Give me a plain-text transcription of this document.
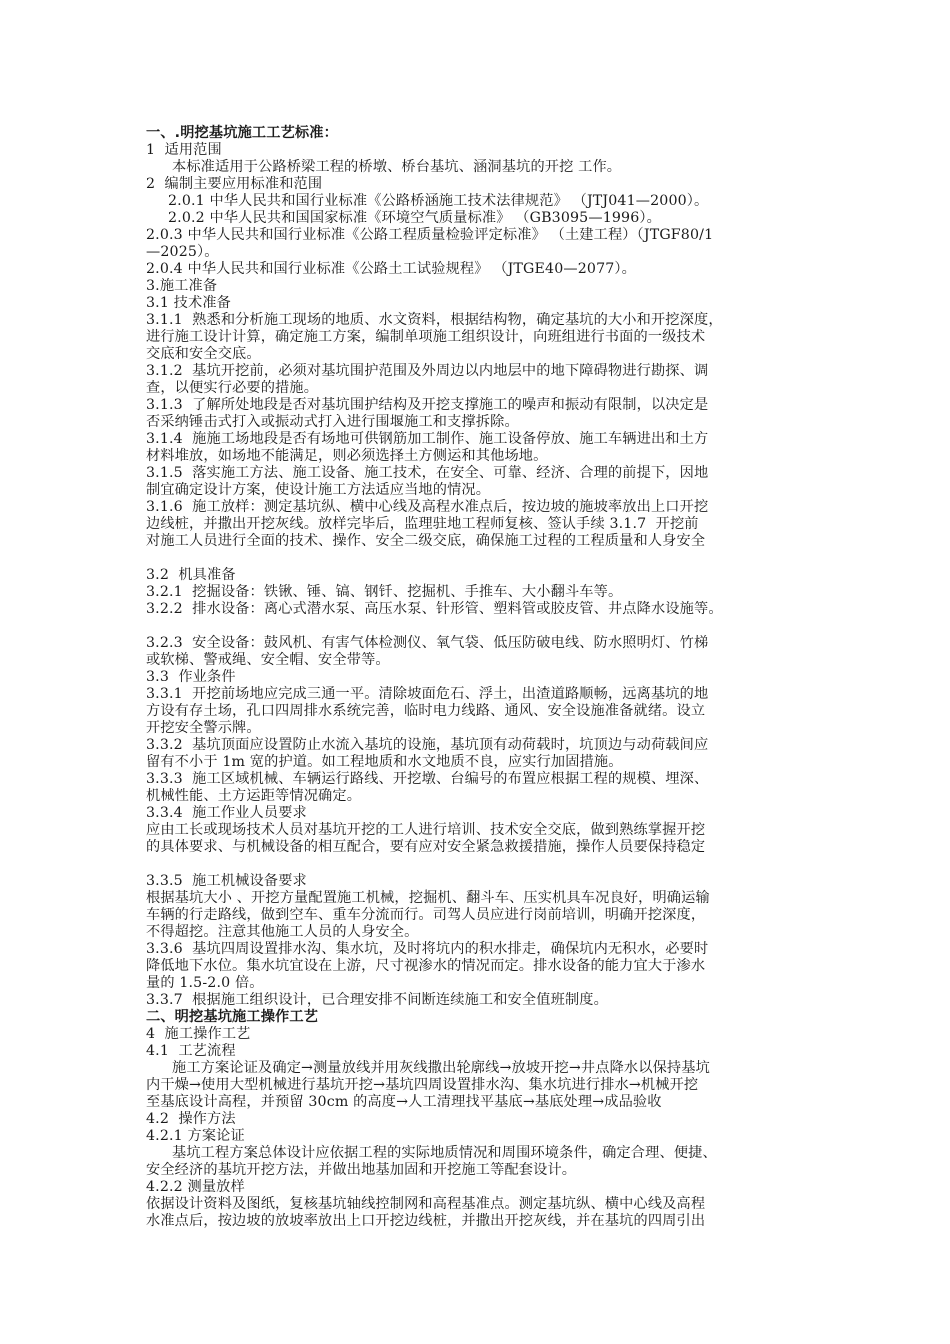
一、.明挖基坑施工工艺标准：
1  适用范围
本标准适用于公路桥梁工程的桥墩、桥台基坑、涵洞基坑的开挖 工作。
2  编制主要应用标准和范围
2.0.1 中华人民共和国行业标准《公路桥涵施工技术法律规范》 （JTJ041—2000）。
2.0.2 中华人民共和国国家标准《环境空气质量标准》 （GB3095—1996）。
2.0.3 中华人民共和国行业标准《公路工程质量检验评定标准》 （土建工程）（JTGF80/1
—2025）。
2.0.4 中华人民共和国行业标准《公路土工试验规程》 （JTGE40—2077）。
3.施工准备
3.1 技术准备
3.1.1  熟悉和分析施工现场的地质、水文资料，根据结构物，确定基坑的大小和开挖深度，
进行施工设计计算，确定施工方案，编制单项施工组织设计，向班组进行书面的一级技术
交底和安全交底。
3.1.2  基坑开挖前，必须对基坑围护范围及外周边以内地层中的地下障碍物进行勘探、调
查，以便实行必要的措施。
3.1.3  了解所处地段是否对基坑围护结构及开挖支撑施工的噪声和振动有限制，以决定是
否采纳锤击式打入或振动式打入进行围堰施工和支撑拆除。
3.1.4  施施工场地段是否有场地可供钢筋加工制作、施工设备停放、施工车辆进出和土方
材料堆放，如场地不能满足，则必须选择土方侧运和其他场地。
3.1.5  落实施工方法、施工设备、施工技术，在安全、可靠、经济、合理的前提下，因地
制宜确定设计方案，使设计施工方法适应当地的情况。
3.1.6  施工放样：测定基坑纵、横中心线及高程水准点后，按边坡的施坡率放出上口开挖
边线桩，并撒出开挖灰线。放样完毕后，监理驻地工程师复核、签认手续 3.1.7  开挖前
对施工人员进行全面的技术、操作、安全二级交底，确保施工过程的工程质量和人身安全
3.2  机具准备
3.2.1  挖掘设备：铁锹、锤、镐、钢钎、挖掘机、手推车、大小翻斗车等。
3.2.2  排水设备：离心式潜水泵、高压水泵、针形管、塑料管或胶皮管、井点降水设施等。
3.2.3  安全设备：鼓风机、有害气体检测仪、氧气袋、低压防破电线、防水照明灯、竹梯
或软梯、警戒绳、安全帽、安全带等。
3.3  作业条件
3.3.1  开挖前场地应完成三通一平。清除坡面危石、浮土，出渣道路顺畅，远离基坑的地
方设有存土场，孔口四周排水系统完善，临时电力线路、通风、安全设施准备就绪。设立
开挖安全警示牌。
3.3.2  基坑顶面应设置防止水流入基坑的设施，基坑顶有动荷载时，坑顶边与动荷载间应
留有不小于 1m 宽的护道。如工程地质和水文地质不良，应实行加固措施。
3.3.3  施工区域机械、车辆运行路线、开挖墩、台编号的布置应根据工程的规模、埋深、
机械性能、土方运距等情况确定。
3.3.4  施工作业人员要求
应由工长或现场技术人员对基坑开挖的工人进行培训、技术安全交底，做到熟练掌握开挖
的具体要求、与机械设备的相互配合，要有应对安全紧急救援措施，操作人员要保持稳定
3.3.5  施工机械设备要求
根据基坑大小 、开挖方量配置施工机械，挖掘机、翻斗车、压实机具车况良好，明确运输
车辆的行走路线，做到空车、重车分流而行。司驾人员应进行岗前培训，明确开挖深度，
不得超挖。注意其他施工人员的人身安全。
3.3.6  基坑四周设置排水沟、集水坑，及时将坑内的积水排走，确保坑内无积水，必要时
降低地下水位。集水坑宜设在上游，尺寸视渗水的情况而定。排水设备的能力宜大于渗水
量的 1.5-2.0 倍。
3.3.7  根据施工组织设计，已合理安排不间断连续施工和安全值班制度。
二、明挖基坑施工操作工艺
4  施工操作工艺
4.1  工艺流程
施工方案论证及确定→测量放线并用灰线撒出轮廓线→放坡开挖→井点降水以保持基坑
内干燥→使用大型机械进行基坑开挖→基坑四周设置排水沟、集水坑进行排水→机械开挖
至基底设计高程，并预留 30cm 的高度→人工清理找平基底→基底处理→成品验收
4.2  操作方法
4.2.1 方案论证
基坑工程方案总体设计应依据工程的实际地质情况和周围环境条件，确定合理、便捷、
安全经济的基坑开挖方法，并做出地基加固和开挖施工等配套设计。
4.2.2 测量放样
依据设计资料及图纸，复核基坑轴线控制网和高程基准点。测定基坑纵、横中心线及高程
水准点后，按边坡的放坡率放出上口开挖边线桩，并撒出开挖灰线，并在基坑的四周引出
